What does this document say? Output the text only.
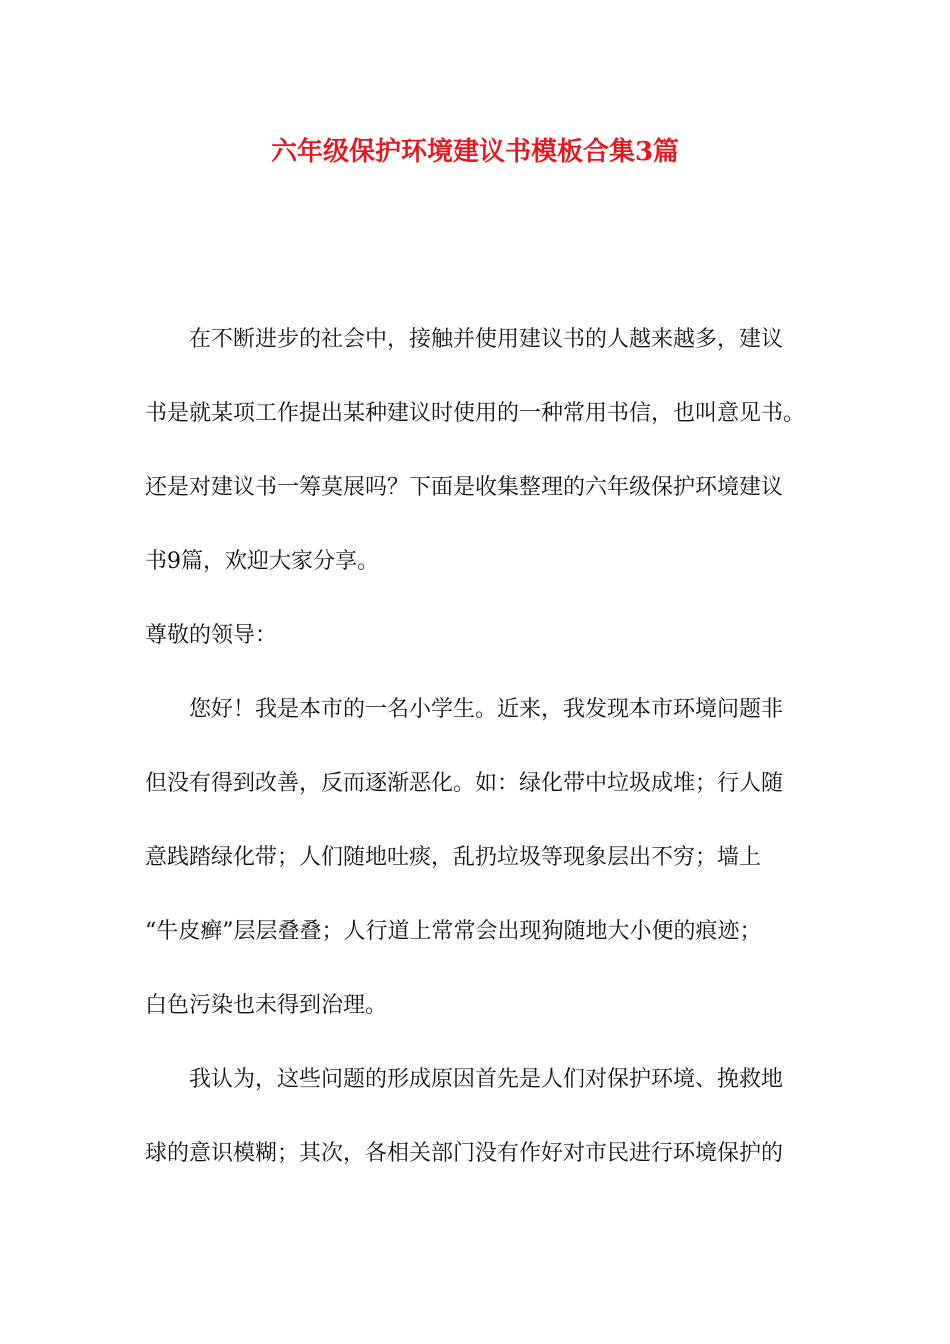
六年级保护环境建议书模板合集3篇
在不断进步的社会中，接触并使用建议书的人越来越多，建议
书是就某项工作提出某种建议时使用的一种常用书信，也叫意见书。
还是对建议书一筹莫展吗？下面是收集整理的六年级保护环境建议
书9篇，欢迎大家分享。
尊敬的领导：
您好！我是本市的一名小学生。近来，我发现本市环境问题非
但没有得到改善，反而逐渐恶化。如：绿化带中垃圾成堆；行人随
意践踏绿化带；人们随地吐痰，乱扔垃圾等现象层出不穷；墙上
“牛皮癣”层层叠叠；人行道上常常会出现狗随地大小便的痕迹；
白色污染也未得到治理。
我认为，这些问题的形成原因首先是人们对保护环境、挽救地
球的意识模糊；其次，各相关部门没有作好对市民进行环境保护的
